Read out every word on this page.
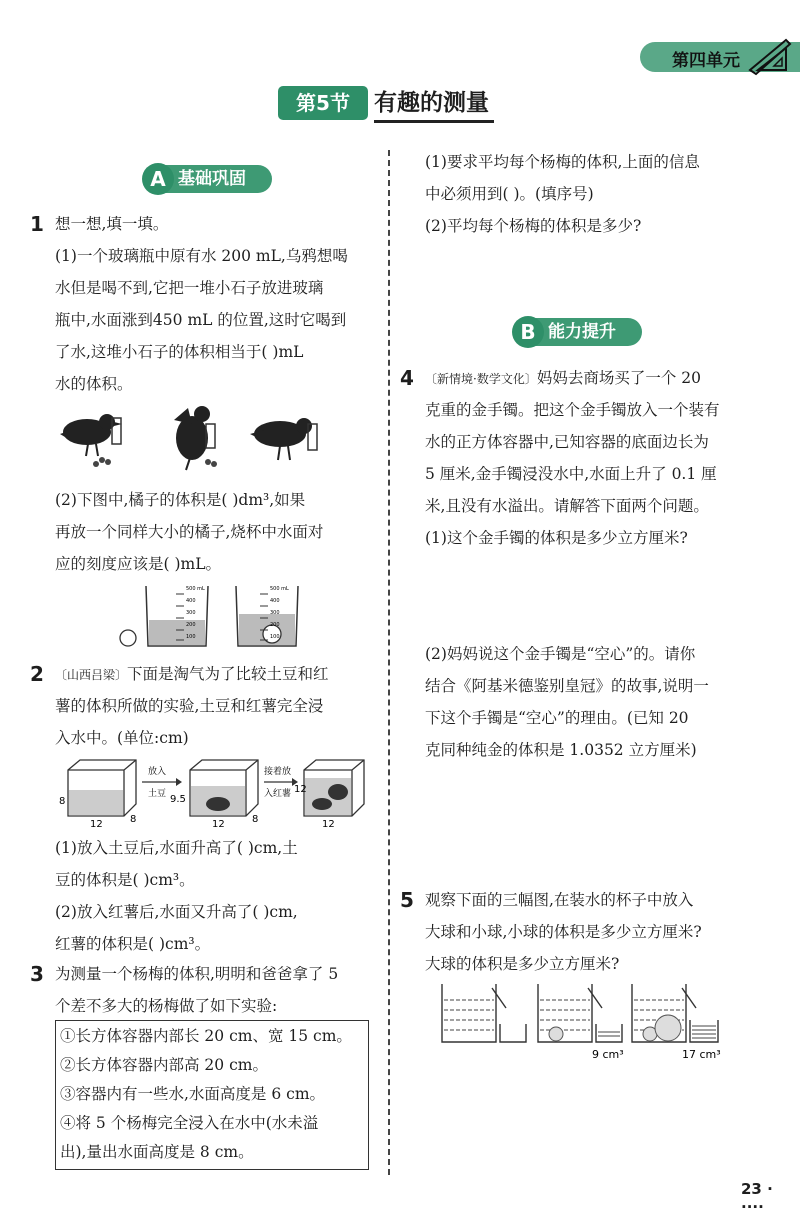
第四单元
第5节	有趣的测量
基础巩固
A
1 想一想,填一填。
(1)一个玻璃瓶中原有水 200 mL,乌鸦想喝
水但是喝不到,它把一堆小石子放进玻璃
瓶中,水面涨到450 mL 的位置,这时它喝到
了水,这堆小石子的体积相当于( )mL
水的体积。
(2)下图中,橘子的体积是( )dm³,如果
再放一个同样大小的橘子,烧杯中水面对
应的刻度应该是( )mL。
500 mL
400
300
200
100
500 mL
400
300
200
100
2 〔山西吕梁〕下面是淘气为了比较土豆和红
薯的体积所做的实验,土豆和红薯完全浸
入水中。(单位:cm)
8
12	8
放入
土豆 9.5
12	8
接着放
入红薯 12
12
(1)放入土豆后,水面升高了( )cm,土
豆的体积是( )cm³。
(2)放入红薯后,水面又升高了( )cm,
红薯的体积是( )cm³。
3 为测量一个杨梅的体积,明明和爸爸拿了 5
个差不多大的杨梅做了如下实验:
①长方体容器内部长 20 cm、宽 15 cm。
②长方体容器内部高 20 cm。
③容器内有一些水,水面高度是 6 cm。
④将 5 个杨梅完全浸入在水中(水未溢
出),量出水面高度是 8 cm。
(1)要求平均每个杨梅的体积,上面的信息
中必须用到( )。(填序号)
(2)平均每个杨梅的体积是多少?
能力提升
B
4 〔新情境·数学文化〕妈妈去商场买了一个 20
克重的金手镯。把这个金手镯放入一个装有
水的正方体容器中,已知容器的底面边长为
5 厘米,金手镯浸没水中,水面上升了 0.1 厘
米,且没有水溢出。请解答下面两个问题。
(1)这个金手镯的体积是多少立方厘米?
(2)妈妈说这个金手镯是“空心”的。请你
结合《阿基米德鉴别皇冠》的故事,说明一
下这个手镯是“空心”的理由。(已知 20
克同种纯金的体积是 1.0352 立方厘米)
5 观察下面的三幅图,在装水的杯子中放入
大球和小球,小球的体积是多少立方厘米?
大球的体积是多少立方厘米?
9 cm³	17 cm³
23 · ····
